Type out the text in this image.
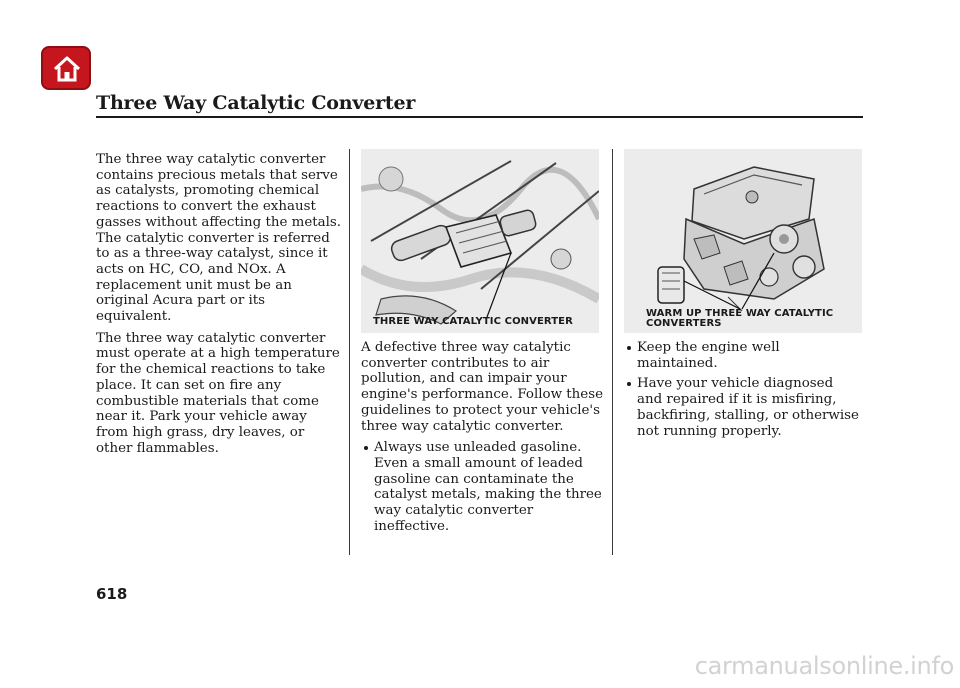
Three Way Catalytic Converter

The three way catalytic converter contains precious metals that serve as catalysts, promoting chemical reactions to convert the exhaust gasses without affecting the metals. The catalytic converter is referred to as a three-way catalyst, since it acts on HC, CO, and NOx. A replacement unit must be an original Acura part or its equivalent.

The three way catalytic converter must operate at a high temperature for the chemical reactions to take place. It can set on fire any combustible materials that come near it. Park your vehicle away from high grass, dry leaves, or other flammables.

THREE WAY CATALYTIC CONVERTER

A defective three way catalytic converter contributes to air pollution, and can impair your engine's performance. Follow these guidelines to protect your vehicle's three way catalytic converter.

Always use unleaded gasoline. Even a small amount of leaded gasoline can contaminate the catalyst metals, making the three way catalytic converter ineffective.
WARM UP THREE WAY CATALYTIC
CONVERTERS
Keep the engine well maintained.
Have your vehicle diagnosed and repaired if it is misfiring, backfiring, stalling, or otherwise not running properly.
618
carmanualsonline.info
